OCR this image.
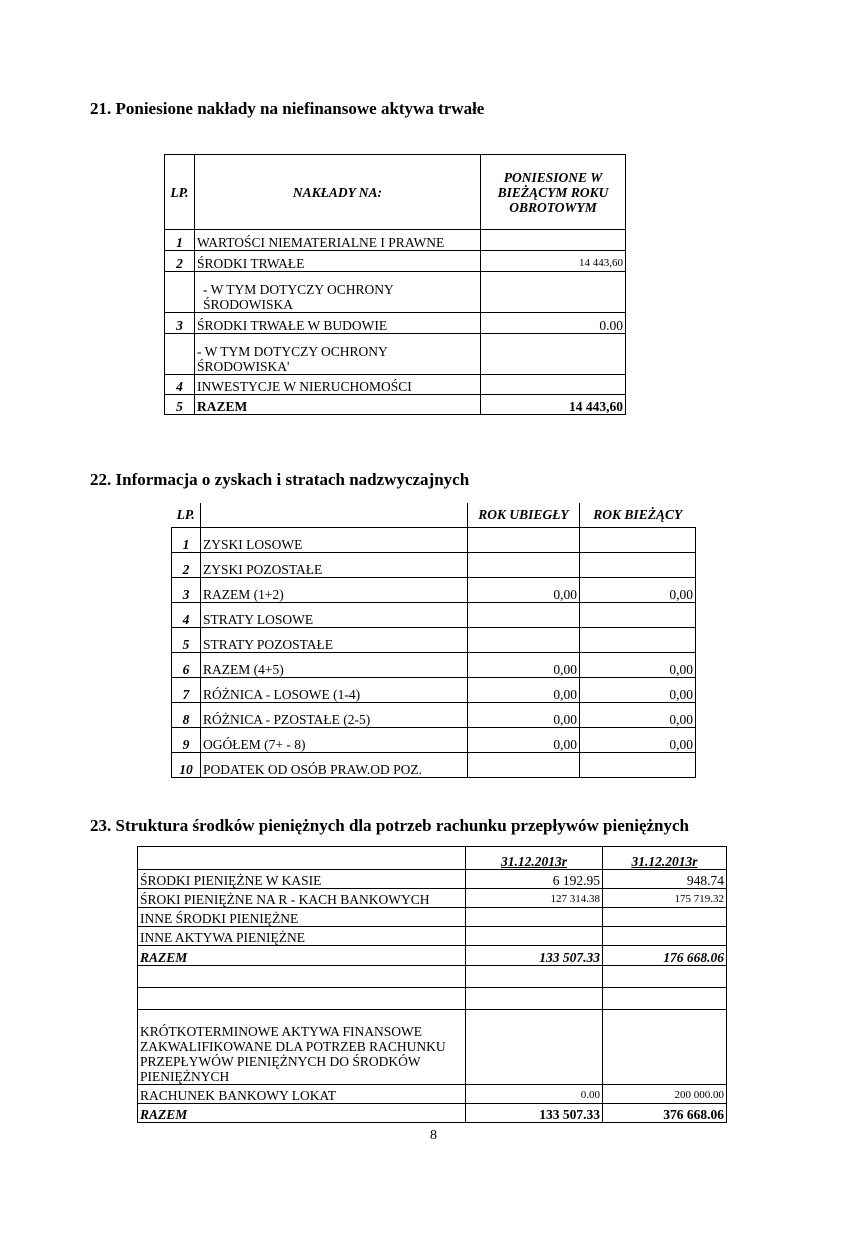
21. Poniesione nakłady na niefinansowe aktywa trwałe
LP.	NAKŁADY NA:	PONIESIONE W BIEŻĄCYM ROKU OBROTOWYM
1	WARTOŚCI NIEMATERIALNE I PRAWNE	
2	ŚRODKI TRWAŁE	14 443,60
	- W TYM DOTYCZY OCHRONY ŚRODOWISKA	
3	ŚRODKI TRWAŁE W BUDOWIE	0.00
	- W TYM DOTYCZY OCHRONY ŚRODOWISKA'	
4	INWESTYCJE W NIERUCHOMOŚCI	
5	RAZEM	14 443,60
22. Informacja o zyskach i stratach nadzwyczajnych
LP.		ROK UBIEGŁY	ROK BIEŻĄCY
1	ZYSKI LOSOWE		
2	ZYSKI POZOSTAŁE		
3	RAZEM (1+2)	0,00	0,00
4	STRATY LOSOWE		
5	STRATY POZOSTAŁE		
6	RAZEM (4+5)	0,00	0,00
7	RÓŻNICA - LOSOWE (1-4)	0,00	0,00
8	RÓŻNICA - PZOSTAŁE (2-5)	0,00	0,00
9	OGÓŁEM (7+ - 8)	0,00	0,00
10	PODATEK OD OSÓB PRAW.OD POZ.		
23. Struktura środków pieniężnych dla potrzeb rachunku przepływów pieniężnych
	31.12.2013r	31.12.2013r
ŚRODKI PIENIĘŻNE W KASIE	6 192.95	948.74
ŚROKI PIENIĘŻNE NA R - KACH BANKOWYCH	127 314.38	175 719.32
INNE ŚRODKI PIENIĘŻNE		
INNE AKTYWA PIENIĘŻNE		
RAZEM	133 507.33	176 668.06

KRÓTKOTERMINOWE AKTYWA FINANSOWE ZAKWALIFIKOWANE DLA POTRZEB RACHUNKU PRZEPŁYWÓW PIENIĘŻNYCH DO ŚRODKÓW PIENIĘŻNYCH		
RACHUNEK BANKOWY LOKAT	0.00	200 000.00
RAZEM	133 507.33	376 668.06
8
